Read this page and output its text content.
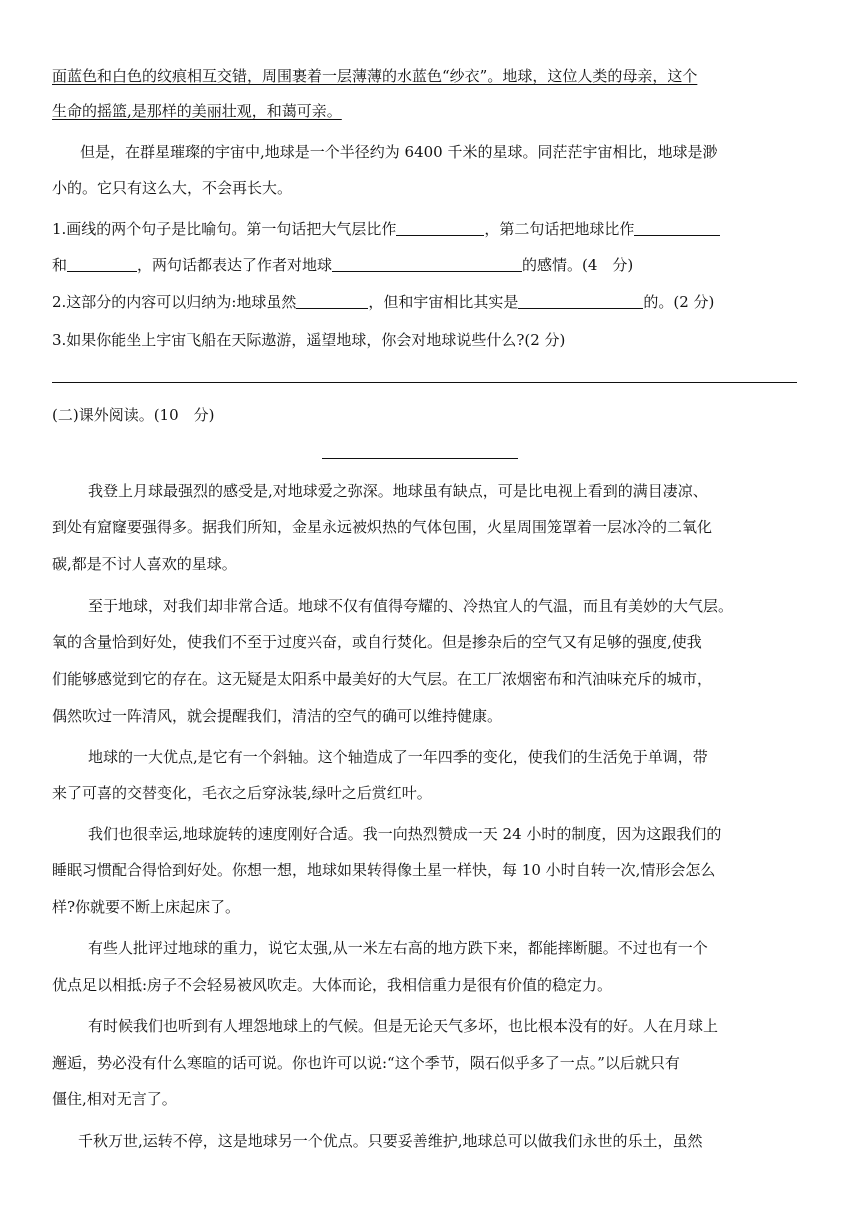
面蓝色和白色的纹痕相互交错，周围裹着一层薄薄的水蓝色“纱衣”。地球，这位人类的母亲，这个
生命的摇篮,是那样的美丽壮观，和蔼可亲。
但是，在群星璀璨的宇宙中,地球是一个半径约为 6400 千米的星球。同茫茫宇宙相比，地球是渺
小的。它只有这么大，不会再长大。
1.画线的两个句子是比喻句。第一句话把大气层比作	，第二句话把地球比作
和	，两句话都表达了作者对地球	的感情。(4　分)
2.这部分的内容可以归纳为:地球虽然	，但和宇宙相比其实是	的。(2 分)
3.如果你能坐上宇宙飞船在天际遨游，遥望地球，你会对地球说些什么?(2 分)
(二)课外阅读。(10　分)
我登上月球最强烈的感受是,对地球爱之弥深。地球虽有缺点，可是比电视上看到的满目凄凉、
到处有窟窿要强得多。据我们所知，金星永远被炽热的气体包围，火星周围笼罩着一层冰冷的二氧化
碳,都是不讨人喜欢的星球。
至于地球，对我们却非常合适。地球不仅有值得夸耀的、冷热宜人的气温，而且有美妙的大气层。
氧的含量恰到好处，使我们不至于过度兴奋，或自行焚化。但是掺杂后的空气又有足够的强度,使我
们能够感觉到它的存在。这无疑是太阳系中最美好的大气层。在工厂浓烟密布和汽油味充斥的城市，
偶然吹过一阵清风，就会提醒我们，清洁的空气的确可以维持健康。
地球的一大优点,是它有一个斜轴。这个轴造成了一年四季的变化，使我们的生活免于单调，带
来了可喜的交替变化，毛衣之后穿泳装,绿叶之后赏红叶。
我们也很幸运,地球旋转的速度刚好合适。我一向热烈赞成一天 24 小时的制度，因为这跟我们的
睡眠习惯配合得恰到好处。你想一想，地球如果转得像土星一样快，每 10 小时自转一次,情形会怎么
样?你就要不断上床起床了。
有些人批评过地球的重力，说它太强,从一米左右高的地方跌下来，都能摔断腿。不过也有一个
优点足以相抵:房子不会轻易被风吹走。大体而论，我相信重力是很有价值的稳定力。
有时候我们也听到有人埋怨地球上的气候。但是无论天气多坏，也比根本没有的好。人在月球上
邂逅，势必没有什么寒暄的话可说。你也许可以说:“这个季节，陨石似乎多了一点。”以后就只有
僵住,相对无言了。
千秋万世,运转不停，这是地球另一个优点。只要妥善维护,地球总可以做我们永世的乐土，虽然
